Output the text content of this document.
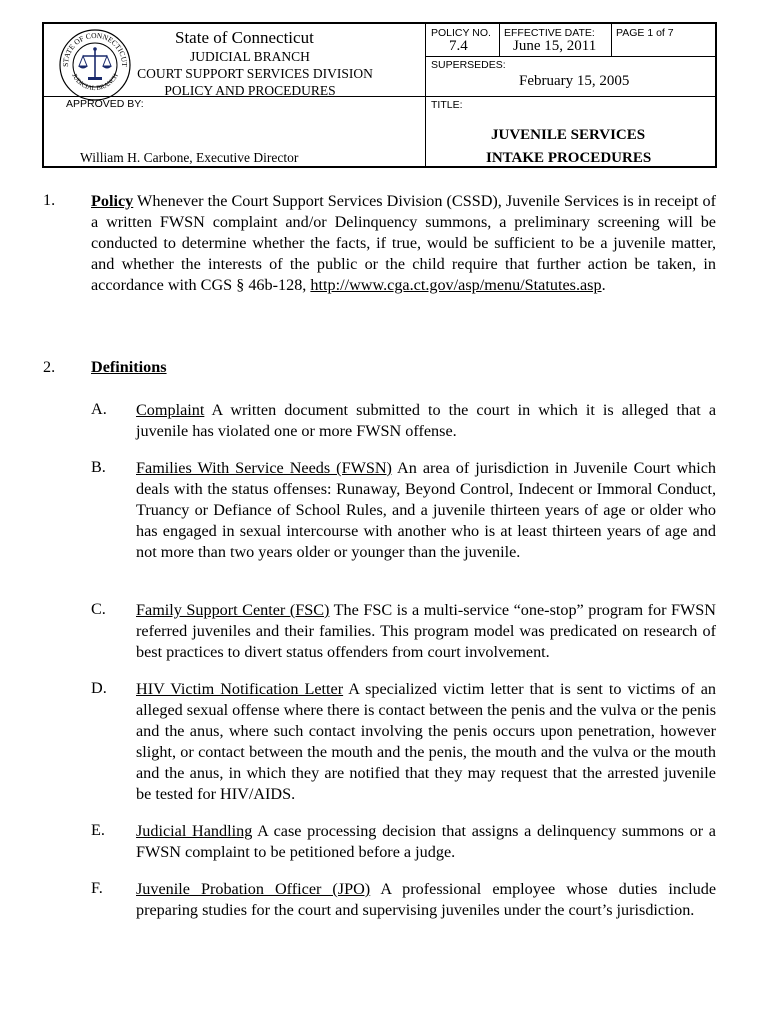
STATE OF CONNECTICUT
JUDICIAL BRANCH
State of Connecticut
JUDICIAL BRANCH
COURT SUPPORT SERVICES DIVISION
POLICY AND PROCEDURES
APPROVED BY:
William H. Carbone, Executive Director
POLICY NO.
7.4
EFFECTIVE DATE:
June 15, 2011
PAGE 1 of 7
SUPERSEDES:
February 15, 2005
TITLE:
JUVENILE SERVICES
INTAKE PROCEDURES
1. Policy Whenever the Court Support Services Division (CSSD), Juvenile Services is in receipt of a written FWSN complaint and/or Delinquency summons, a preliminary screening will be conducted to determine whether the facts, if true, would be sufficient to be a juvenile matter, and whether the interests of the public or the child require that further action be taken, in accordance with CGS § 46b-128, http://www.cga.ct.gov/asp/menu/Statutes.asp.
2. Definitions
A. Complaint A written document submitted to the court in which it is alleged that a juvenile has violated one or more FWSN offense.
B. Families With Service Needs (FWSN) An area of jurisdiction in Juvenile Court which deals with the status offenses: Runaway, Beyond Control, Indecent or Immoral Conduct, Truancy or Defiance of School Rules, and a juvenile thirteen years of age or older who has engaged in sexual intercourse with another who is at least thirteen years of age and not more than two years older or younger than the juvenile.
C. Family Support Center (FSC) The FSC is a multi-service “one-stop” program for FWSN referred juveniles and their families. This program model was predicated on research of best practices to divert status offenders from court involvement.
D. HIV Victim Notification Letter A specialized victim letter that is sent to victims of an alleged sexual offense where there is contact between the penis and the vulva or the penis and the anus, where such contact involving the penis occurs upon penetration, however slight, or contact between the mouth and the penis, the mouth and the vulva or the mouth and the anus, in which they are notified that they may request that the arrested juvenile be tested for HIV/AIDS.
E. Judicial Handling A case processing decision that assigns a delinquency summons or a FWSN complaint to be petitioned before a judge.
F. Juvenile Probation Officer (JPO) A professional employee whose duties include preparing studies for the court and supervising juveniles under the court’s jurisdiction.
